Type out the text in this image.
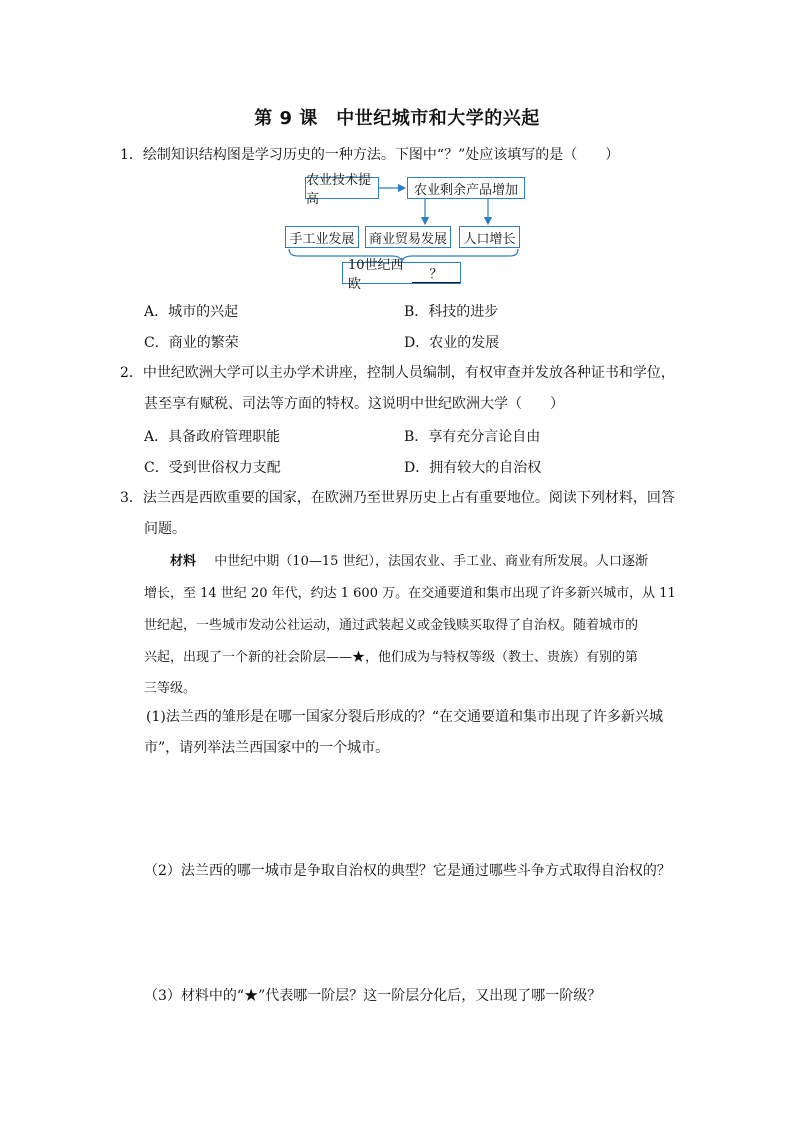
第 9 课　中世纪城市和大学的兴起
1．绘制知识结构图是学习历史的一种方法。下图中“？”处应该填写的是（　　）
农业技术提高
农业剩余产品增加
手工业发展	商业贸易发展	人口增长
10世纪西欧
？
A．城市的兴起	B．科技的进步
C．商业的繁荣	D．农业的发展
2．中世纪欧洲大学可以主办学术讲座，控制人员编制，有权审查并发放各种证书和学位，
甚至享有赋税、司法等方面的特权。这说明中世纪欧洲大学（　　）
A．具备政府管理职能	B．享有充分言论自由
C．受到世俗权力支配	D．拥有较大的自治权
3．法兰西是西欧重要的国家，在欧洲乃至世界历史上占有重要地位。阅读下列材料，回答
问题。
材料 中世纪中期（10—15 世纪），法国农业、手工业、商业有所发展。人口逐渐
增长，至 14 世纪 20 年代，约达 1 600 万。在交通要道和集市出现了许多新兴城市，从 11
世纪起，一些城市发动公社运动，通过武装起义或金钱赎买取得了自治权。随着城市的
兴起，出现了一个新的社会阶层——★，他们成为与特权等级（教士、贵族）有别的第
三等级。
(1)法兰西的雏形是在哪一国家分裂后形成的？“在交通要道和集市出现了许多新兴城
市”，请列举法兰西国家中的一个城市。
（2）法兰西的哪一城市是争取自治权的典型？它是通过哪些斗争方式取得自治权的？
（3）材料中的“★”代表哪一阶层？这一阶层分化后，又出现了哪一阶级？
